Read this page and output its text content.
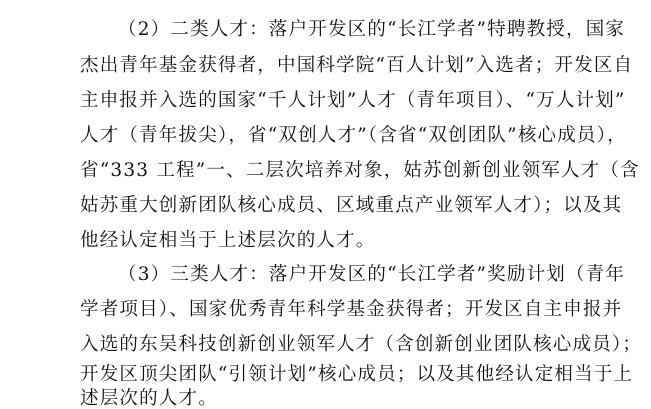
（2）二类人才：落户开发区的“长江学者”特聘教授，国家
杰出青年基金获得者，中国科学院“百人计划”入选者；开发区自
主申报并入选的国家“千人计划”人才（青年项目）、“万人计划”
人才（青年拔尖），省“双创人才”（含省“双创团队”核心成员），
省“333 工程”一、二层次培养对象，姑苏创新创业领军人才（含
姑苏重大创新团队核心成员、区域重点产业领军人才）；以及其
他经认定相当于上述层次的人才。
（3）三类人才：落户开发区的“长江学者”奖励计划（青年
学者项目）、国家优秀青年科学基金获得者；开发区自主申报并
入选的东吴科技创新创业领军人才（含创新创业团队核心成员）；
开发区顶尖团队“引领计划”核心成员；以及其他经认定相当于上
述层次的人才。
